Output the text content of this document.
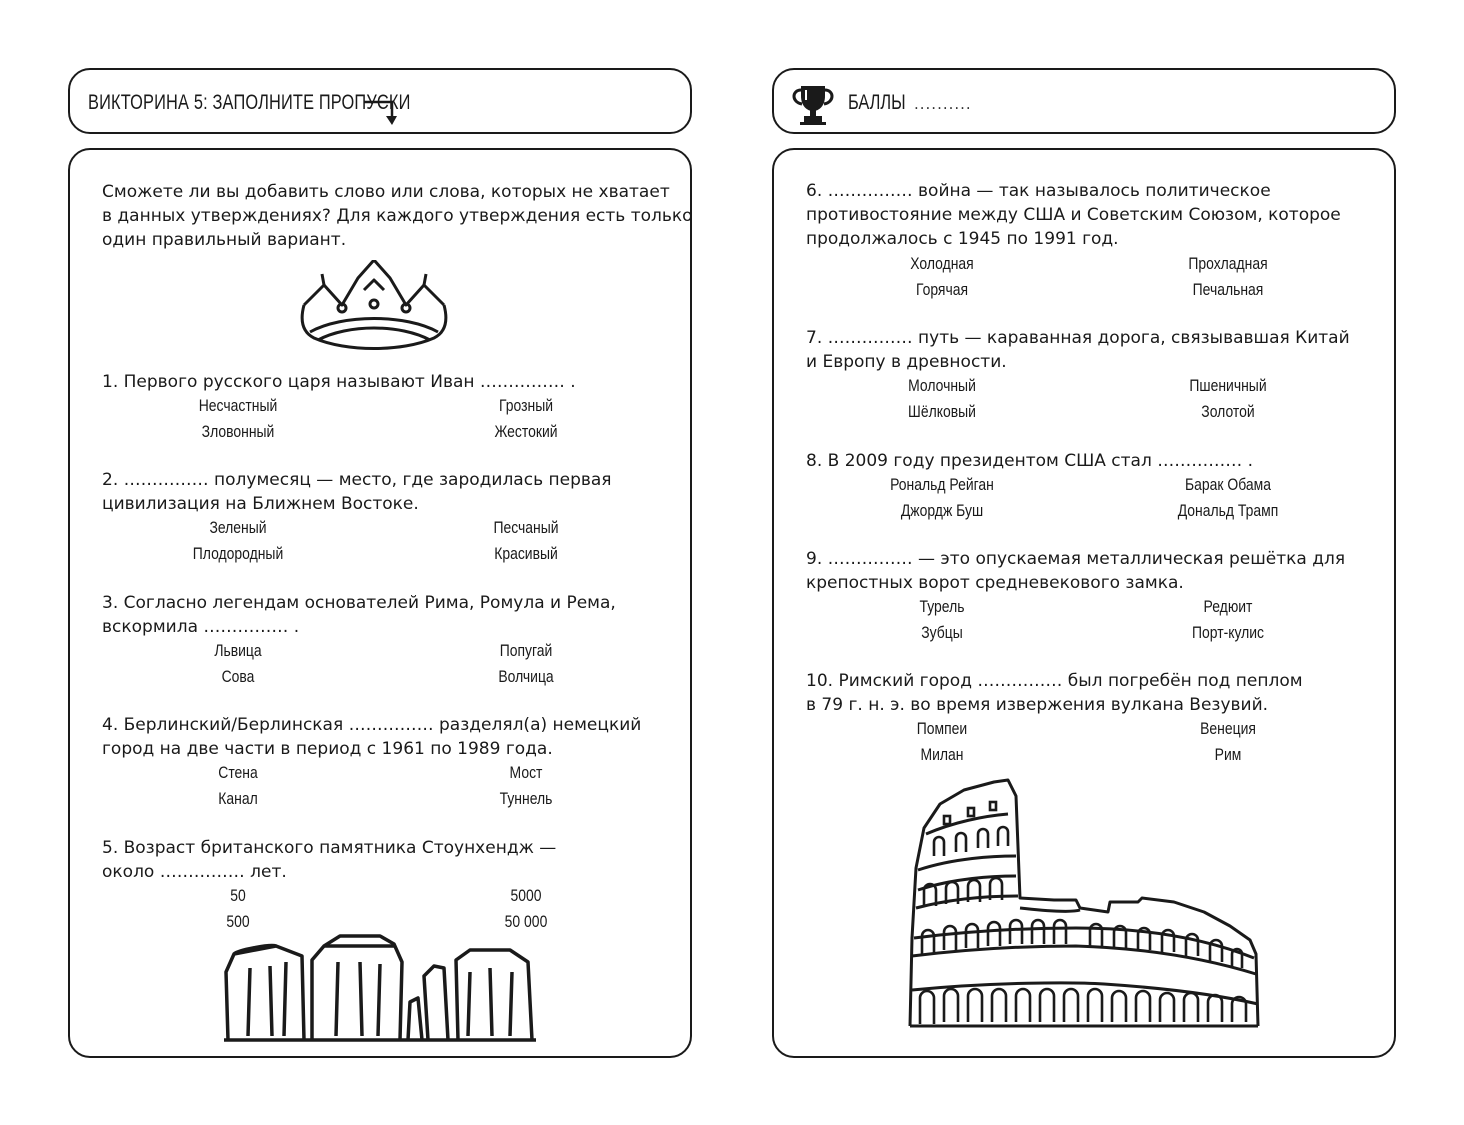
ВИКТОРИНА 5: ЗАПОЛНИТЕ ПРОПУСКИ	БАЛЛЫ ..........
Сможете ли вы добавить слово или слова, которых не хватает
в данных утверждениях? Для каждого утверждения есть только
один правильный вариант.
1. Первого русского царя называют Иван …………… .
Несчастный	Грозный
Зловонный	Жестокий
2. …………… полумесяц — место, где зародилась первая
цивилизация на Ближнем Востоке.
Зеленый	Песчаный
Плодородный	Красивый
3. Согласно легендам основателей Рима, Ромула и Рема,
вскормила …………… .
Львица	Попугай
Сова	Волчица
4. Берлинский/Берлинская …………… разделял(а) немецкий
город на две части в период с 1961 по 1989 года.
Стена	Мост
Канал	Туннель
5. Возраст британского памятника Стоунхендж —
около …………… лет.
50	5000
500	50 000
6. …………… война — так называлось политическое
противостояние между США и Советским Союзом, которое
продолжалось с 1945 по 1991 год.
Холодная	Прохладная
Горячая	Печальная
7. …………… путь — караванная дорога, связывавшая Китай
и Европу в древности.
Молочный	Пшеничный
Шёлковый	Золотой
8. В 2009 году президентом США стал …………… .
Рональд Рейган	Барак Обама
Джордж Буш	Дональд Трамп
9. …………… — это опускаемая металлическая решётка для
крепостных ворот средневекового замка.
Турель	Редюит
Зубцы	Порт-кулис
10. Римский город …………… был погребён под пеплом
в 79 г. н. э. во время извержения вулкана Везувий.
Помпеи	Венеция
Милан	Рим
